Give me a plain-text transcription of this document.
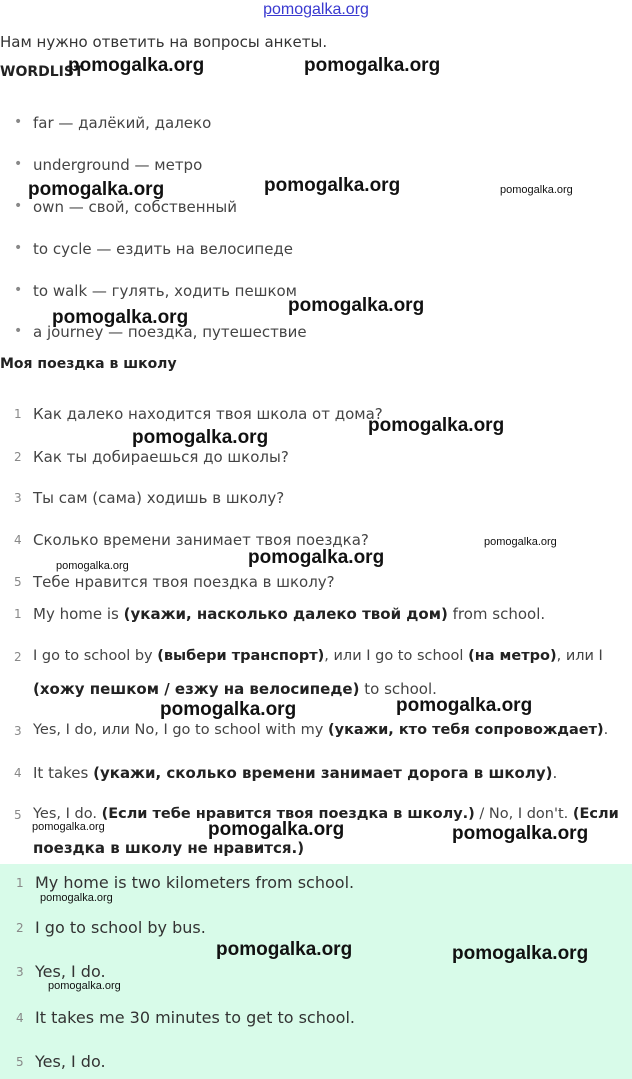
pomogalka.org
Нам нужно ответить на вопросы анкеты.
WORDLIST
• far — далёкий, далеко
• underground — метро
• own — свой, собственный
• to cycle — ездить на велосипеде
• to walk — гулять, ходить пешком
• a journey — поездка, путешествие
Моя поездка в школу
1 Как далеко находится твоя школа от дома?
2 Как ты добираешься до школы?
3 Ты сам (сама) ходишь в школу?
4 Сколько времени занимает твоя поездка?
5 Тебе нравится твоя поездка в школу?
1 My home is (укажи, насколько далеко твой дом) from school.
2 I go to school by (выбери транспорт), или I go to school (на метро), или I
(хожу пешком / езжу на велосипеде) to school.
3 Yes, I do, или No, I go to school with my (укажи, кто тебя сопровождает).
4 It takes (укажи, сколько времени занимает дорога в школу).
5 Yes, I do. (Если тебе нравится твоя поездка в школу.) / No, I don't. (Если
поездка в школу не нравится.)
1 My home is two kilometers from school.
2 I go to school by bus.
3 Yes, I do.
4 It takes me 30 minutes to get to school.
5 Yes, I do.
pomogalka.org	pomogalka.org
pomogalka.org	pomogalka.org	pomogalka.org
pomogalka.org
pomogalka.org
pomogalka.org
pomogalka.org
pomogalka.org
pomogalka.org
pomogalka.org
pomogalka.org
pomogalka.org
pomogalka.org	pomogalka.org	pomogalka.org
pomogalka.org
pomogalka.org	pomogalka.org
pomogalka.org
